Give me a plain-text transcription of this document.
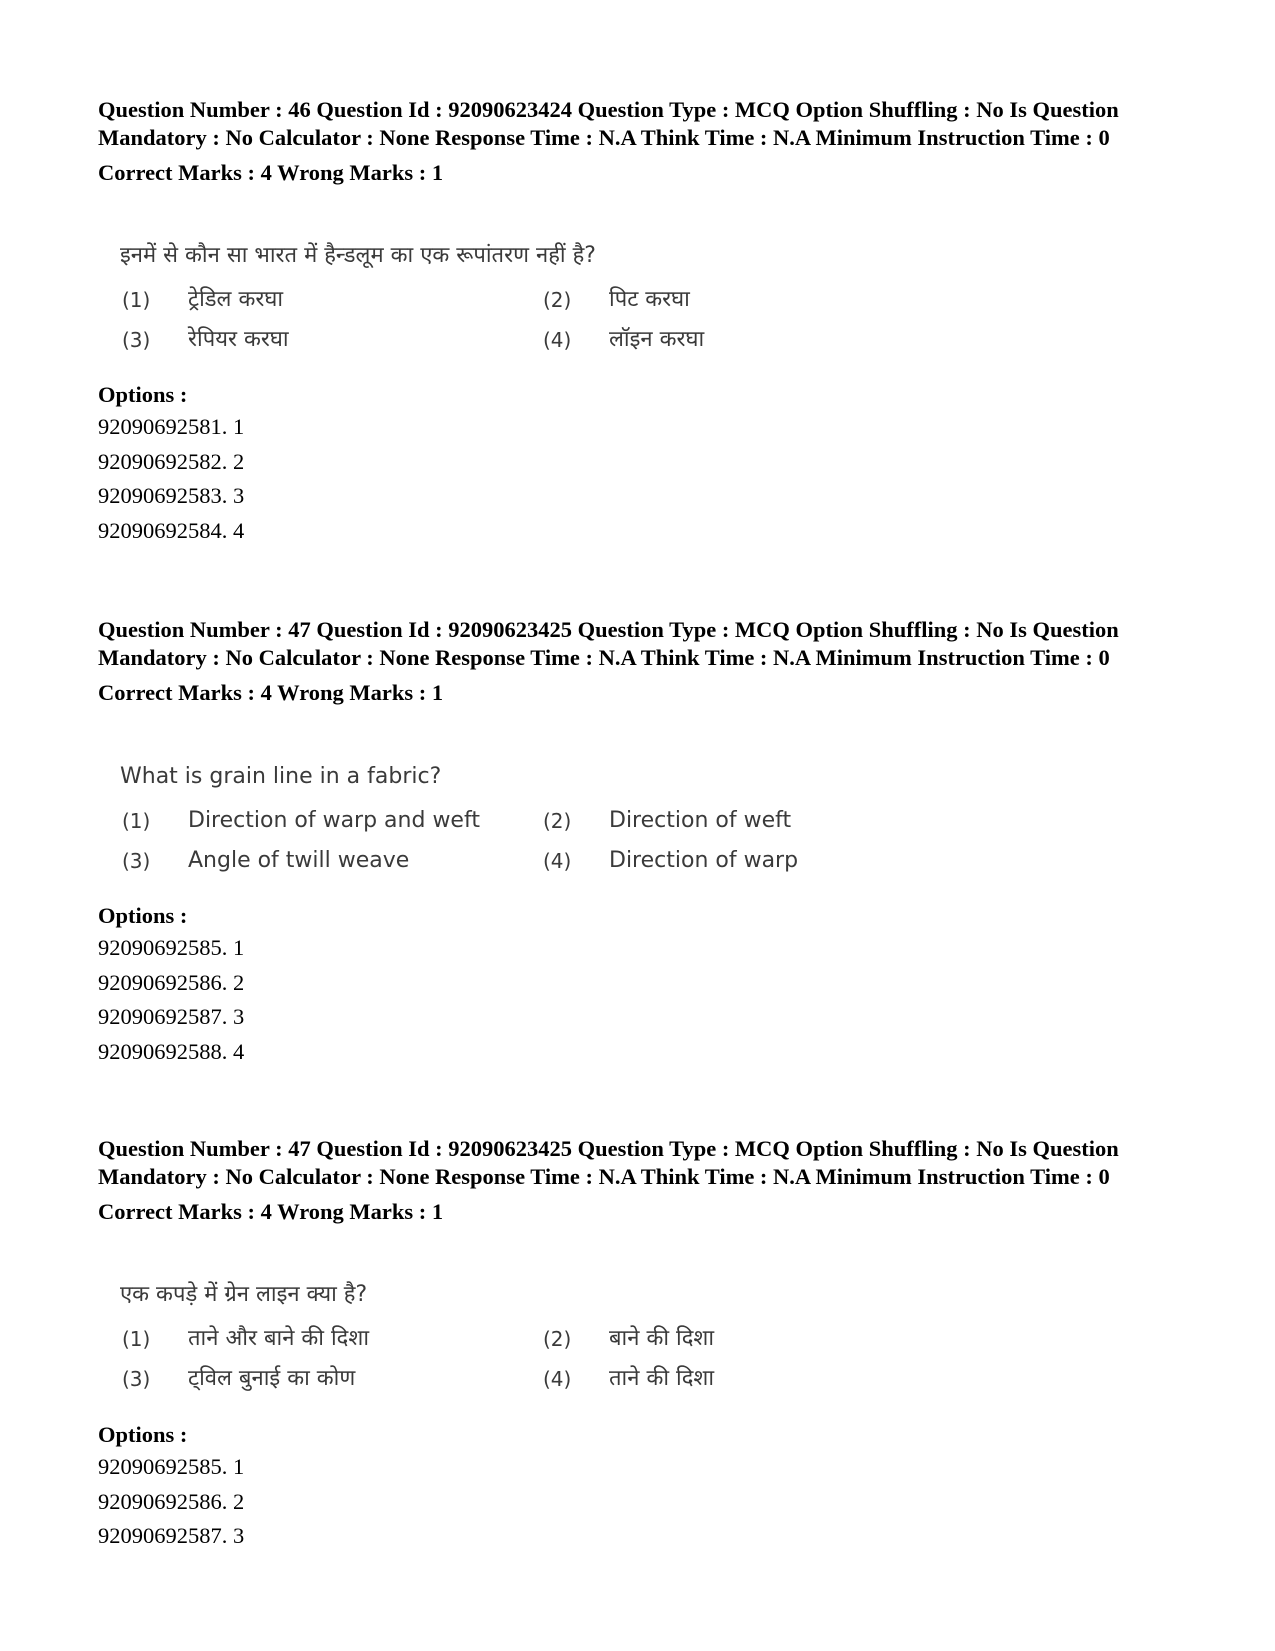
Question Number : 46 Question Id : 92090623424 Question Type : MCQ Option Shuffling : No Is Question Mandatory : No Calculator : None Response Time : N.A Think Time : N.A Minimum Instruction Time : 0

Correct Marks : 4 Wrong Marks : 1
इनमें से कौन सा भारत में हैन्डलूम का एक रूपांतरण नहीं है?
(1)	ट्रेडिल करघा	(2)	पिट करघा
(3)	रेपियर करघा	(4)	लॉइन करघा
Options :
92090692581. 1
92090692582. 2
92090692583. 3
92090692584. 4

Question Number : 47 Question Id : 92090623425 Question Type : MCQ Option Shuffling : No Is Question Mandatory : No Calculator : None Response Time : N.A Think Time : N.A Minimum Instruction Time : 0

Correct Marks : 4 Wrong Marks : 1
What is grain line in a fabric?
(1)	Direction of warp and weft	(2)	Direction of weft
(3)	Angle of twill weave	(4)	Direction of warp
Options :
92090692585. 1
92090692586. 2
92090692587. 3
92090692588. 4

Question Number : 47 Question Id : 92090623425 Question Type : MCQ Option Shuffling : No Is Question Mandatory : No Calculator : None Response Time : N.A Think Time : N.A Minimum Instruction Time : 0

Correct Marks : 4 Wrong Marks : 1
एक कपड़े में ग्रेन लाइन क्या है?
(1)	ताने और बाने की दिशा	(2)	बाने की दिशा
(3)	ट्विल बुनाई का कोण	(4)	ताने की दिशा
Options :
92090692585. 1
92090692586. 2
92090692587. 3
